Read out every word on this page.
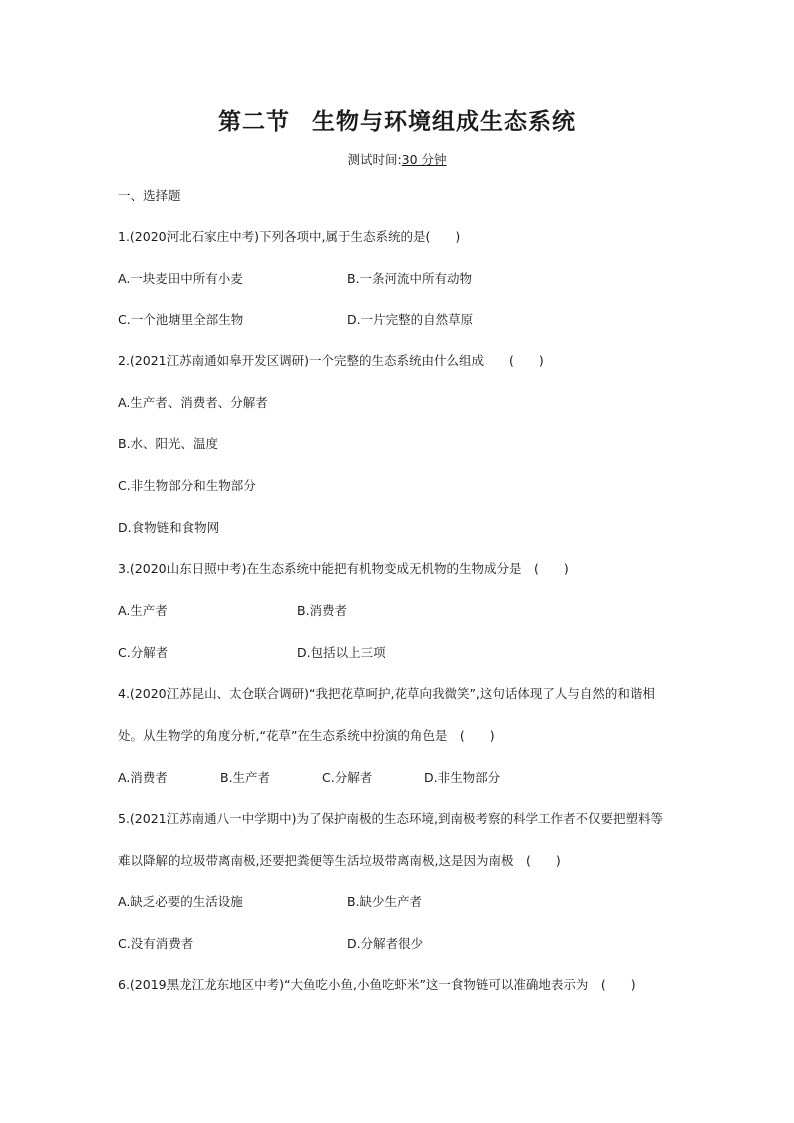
第二节 生物与环境组成生态系统
测试时间:30 分钟
一、选择题
1.(2020河北石家庄中考)下列各项中,属于生态系统的是(　　)
A.一块麦田中所有小麦	B.一条河流中所有动物
C.一个池塘里全部生物	D.一片完整的自然草原
2.(2021江苏南通如皋开发区调研)一个完整的生态系统由什么组成　　(　　)
A.生产者、消费者、分解者
B.水、阳光、温度
C.非生物部分和生物部分
D.食物链和食物网
3.(2020山东日照中考)在生态系统中能把有机物变成无机物的生物成分是　(　　)
A.生产者	B.消费者
C.分解者	D.包括以上三项
4.(2020江苏昆山、太仓联合调研)“我把花草呵护,花草向我微笑”,这句话体现了人与自然的和谐相
处。从生物学的角度分析,“花草”在生态系统中扮演的角色是　(　　)
A.消费者	B.生产者	C.分解者	D.非生物部分
5.(2021江苏南通八一中学期中)为了保护南极的生态环境,到南极考察的科学工作者不仅要把塑料等
难以降解的垃圾带离南极,还要把粪便等生活垃圾带离南极,这是因为南极　(　　)
A.缺乏必要的生活设施	B.缺少生产者
C.没有消费者	D.分解者很少
6.(2019黑龙江龙东地区中考)“大鱼吃小鱼,小鱼吃虾米”这一食物链可以准确地表示为　(　　)
